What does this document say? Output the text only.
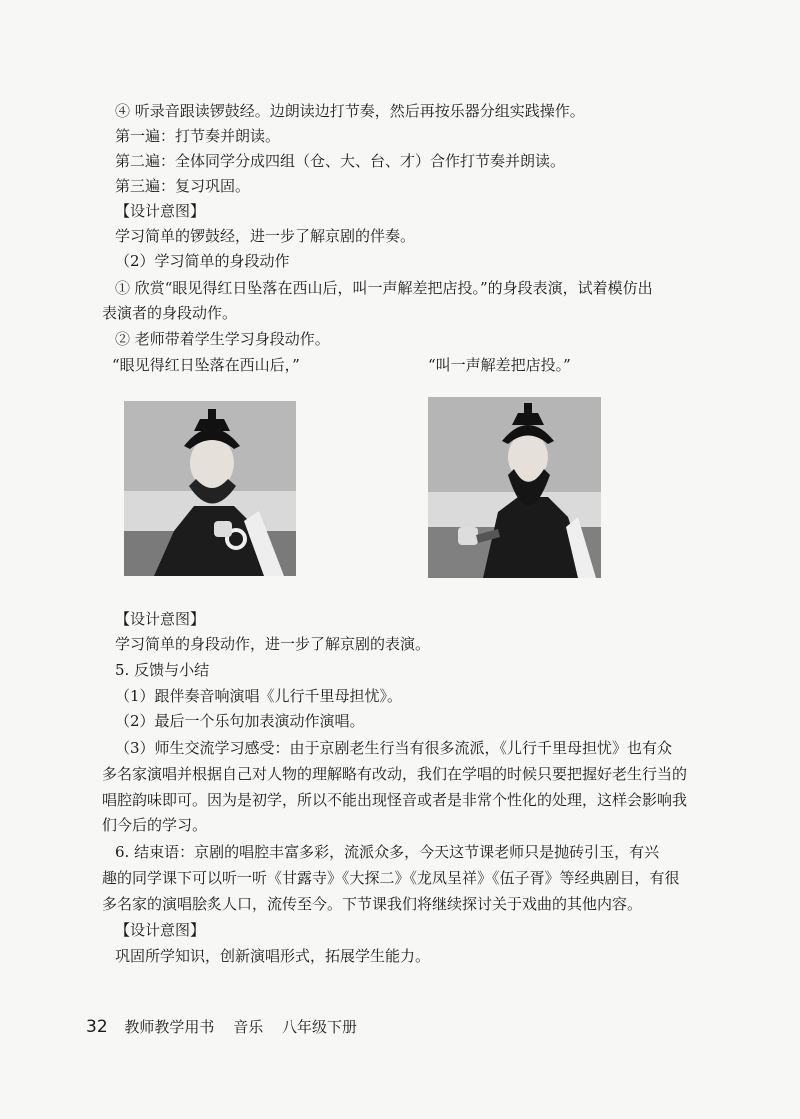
④ 听录音跟读锣鼓经。边朗读边打节奏，然后再按乐器分组实践操作。
第一遍：打节奏并朗读。
第二遍：全体同学分成四组（仓、大、台、才）合作打节奏并朗读。
第三遍：复习巩固。
【设计意图】
学习简单的锣鼓经，进一步了解京剧的伴奏。
（2）学习简单的身段动作
① 欣赏“眼见得红日坠落在西山后，叫一声解差把店投。”的身段表演，试着模仿出
表演者的身段动作。
② 老师带着学生学习身段动作。
“眼见得红日坠落在西山后，”	“叫一声解差把店投。”
【设计意图】
学习简单的身段动作，进一步了解京剧的表演。
5. 反馈与小结
（1）跟伴奏音响演唱《儿行千里母担忧》。
（2）最后一个乐句加表演动作演唱。
（3）师生交流学习感受：由于京剧老生行当有很多流派，《儿行千里母担忧》也有众
多名家演唱并根据自己对人物的理解略有改动，我们在学唱的时候只要把握好老生行当的
唱腔韵味即可。因为是初学，所以不能出现怪音或者是非常个性化的处理，这样会影响我
们今后的学习。
6. 结束语：京剧的唱腔丰富多彩，流派众多，今天这节课老师只是抛砖引玉，有兴
趣的同学课下可以听一听《甘露寺》《大探二》《龙凤呈祥》《伍子胥》等经典剧目，有很
多名家的演唱脍炙人口，流传至今。下节课我们将继续探讨关于戏曲的其他内容。
【设计意图】
巩固所学知识，创新演唱形式，拓展学生能力。
32 教师教学用书 音乐 八年级下册
